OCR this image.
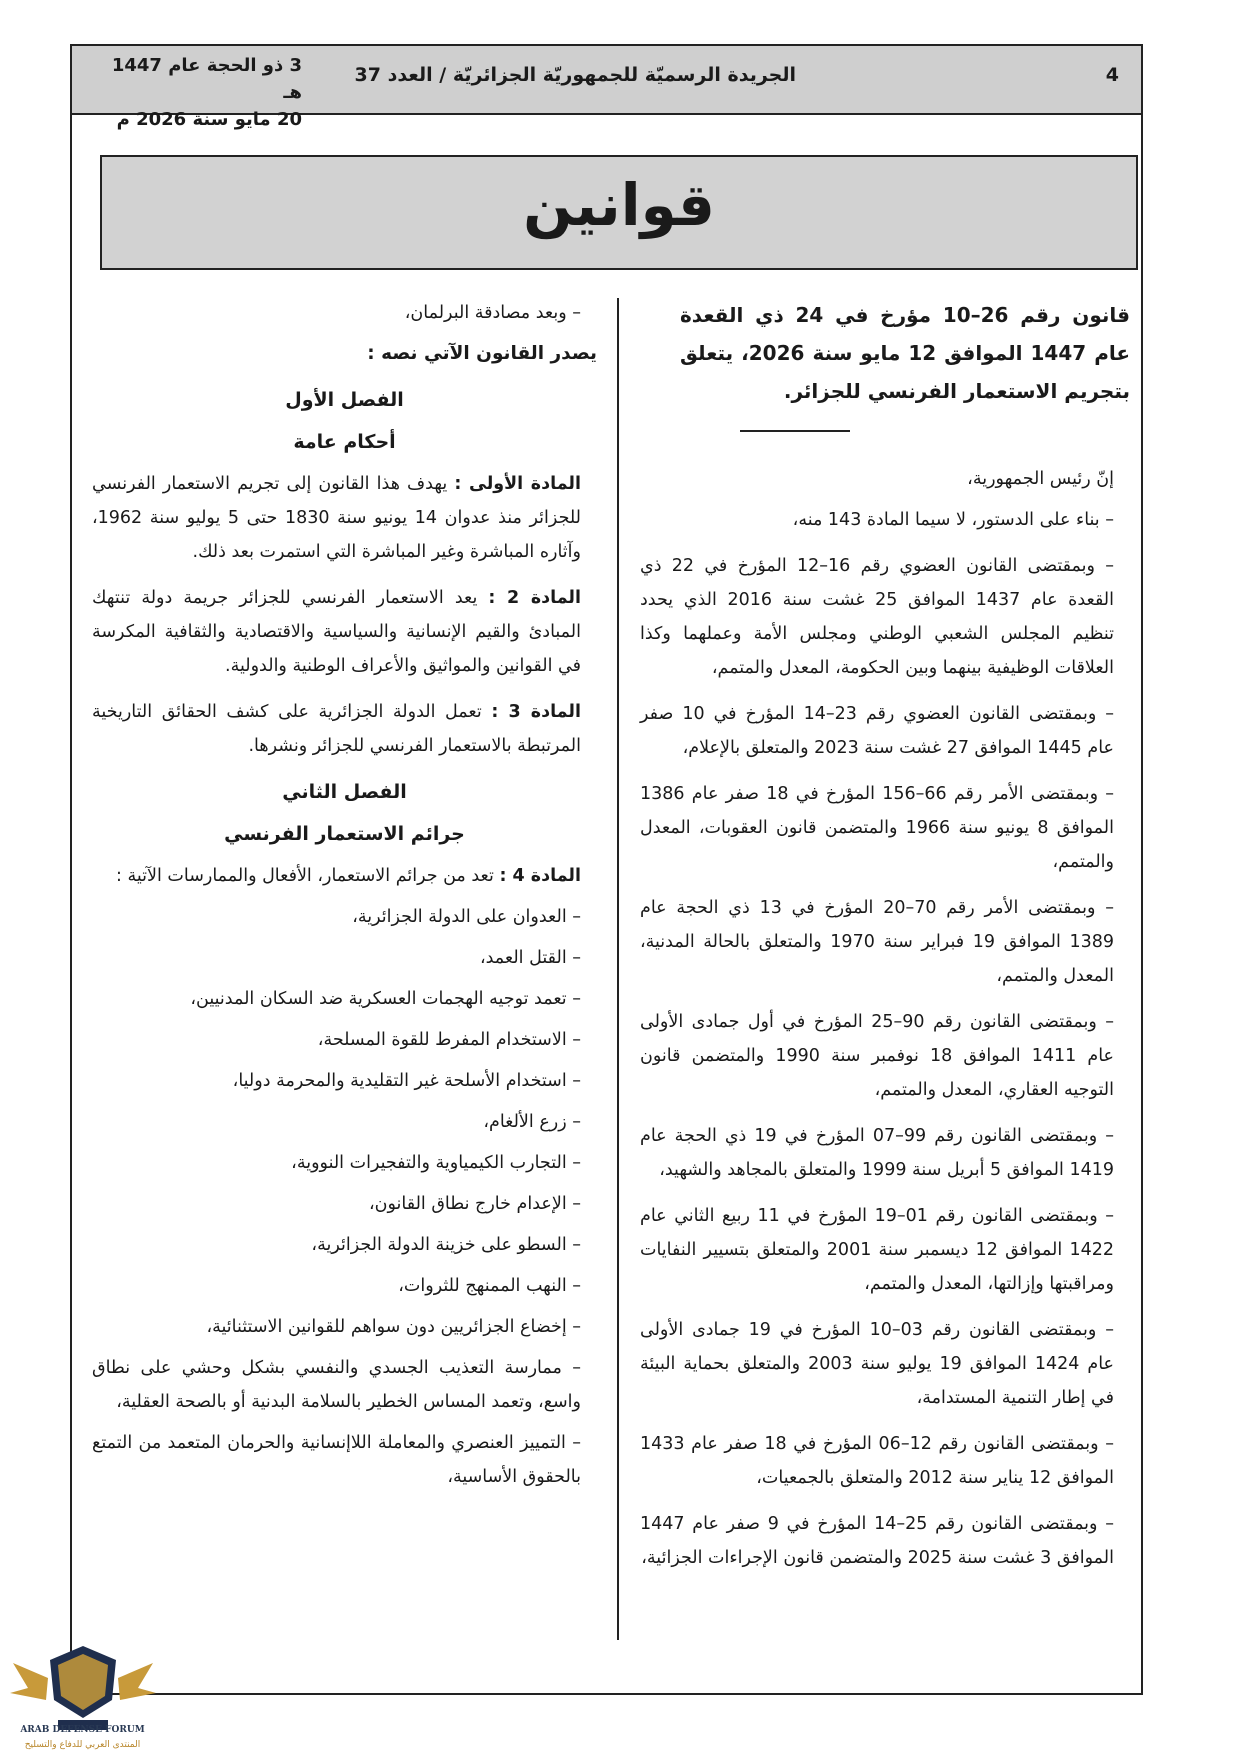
4
الجريدة الرسميّة للجمهوريّة الجزائريّة / العدد 37
3 ذو الحجة عام 1447 هـ
20 مايو سنة 2026 م
قوانين
قانون رقم 26–10 مؤرخ في 24 ذي القعدة عام 1447 الموافق 12 مايو سنة 2026، يتعلق بتجريم الاستعمار الفرنسي للجزائر.

إنّ رئيس الجمهورية،

– بناء على الدستور، لا سيما المادة 143 منه،

– وبمقتضى القانون العضوي رقم 16–12 المؤرخ في 22 ذي القعدة عام 1437 الموافق 25 غشت سنة 2016 الذي يحدد تنظيم المجلس الشعبي الوطني ومجلس الأمة وعملهما وكذا العلاقات الوظيفية بينهما وبين الحكومة، المعدل والمتمم،

– وبمقتضى القانون العضوي رقم 23–14 المؤرخ في 10 صفر عام 1445 الموافق 27 غشت سنة 2023 والمتعلق بالإعلام،

– وبمقتضى الأمر رقم 66–156 المؤرخ في 18 صفر عام 1386 الموافق 8 يونيو سنة 1966 والمتضمن قانون العقوبات، المعدل والمتمم،

– وبمقتضى الأمر رقم 70–20 المؤرخ في 13 ذي الحجة عام 1389 الموافق 19 فبراير سنة 1970 والمتعلق بالحالة المدنية، المعدل والمتمم،

– وبمقتضى القانون رقم 90–25 المؤرخ في أول جمادى الأولى عام 1411 الموافق 18 نوفمبر سنة 1990 والمتضمن قانون التوجيه العقاري، المعدل والمتمم،

– وبمقتضى القانون رقم 99–07 المؤرخ في 19 ذي الحجة عام 1419 الموافق 5 أبريل سنة 1999 والمتعلق بالمجاهد والشهيد،

– وبمقتضى القانون رقم 01–19 المؤرخ في 11 ربيع الثاني عام 1422 الموافق 12 ديسمبر سنة 2001 والمتعلق بتسيير النفايات ومراقبتها وإزالتها، المعدل والمتمم،

– وبمقتضى القانون رقم 03–10 المؤرخ في 19 جمادى الأولى عام 1424 الموافق 19 يوليو سنة 2003 والمتعلق بحماية البيئة في إطار التنمية المستدامة،

– وبمقتضى القانون رقم 12–06 المؤرخ في 18 صفر عام 1433 الموافق 12 يناير سنة 2012 والمتعلق بالجمعيات،

– وبمقتضى القانون رقم 25–14 المؤرخ في 9 صفر عام 1447 الموافق 3 غشت سنة 2025 والمتضمن قانون الإجراءات الجزائية،

– وبعد مصادقة البرلمان،

يصدر القانون الآتي نصه :

الفصل الأول
أحكام عامة

المادة الأولى : يهدف هذا القانون إلى تجريم الاستعمار الفرنسي للجزائر منذ عدوان 14 يونيو سنة 1830 حتى 5 يوليو سنة 1962، وآثاره المباشرة وغير المباشرة التي استمرت بعد ذلك.

المادة 2 : يعد الاستعمار الفرنسي للجزائر جريمة دولة تنتهك المبادئ والقيم الإنسانية والسياسية والاقتصادية والثقافية المكرسة في القوانين والمواثيق والأعراف الوطنية والدولية.

المادة 3 : تعمل الدولة الجزائرية على كشف الحقائق التاريخية المرتبطة بالاستعمار الفرنسي للجزائر ونشرها.

الفصل الثاني
جرائم الاستعمار الفرنسي

المادة 4 : تعد من جرائم الاستعمار، الأفعال والممارسات الآتية :

– العدوان على الدولة الجزائرية،

– القتل العمد،

– تعمد توجيه الهجمات العسكرية ضد السكان المدنيين،

– الاستخدام المفرط للقوة المسلحة،

– استخدام الأسلحة غير التقليدية والمحرمة دوليا،

– زرع الألغام،

– التجارب الكيمياوية والتفجيرات النووية،

– الإعدام خارج نطاق القانون،

– السطو على خزينة الدولة الجزائرية،

– النهب الممنهج للثروات،

– إخضاع الجزائريين دون سواهم للقوانين الاستثنائية،

– ممارسة التعذيب الجسدي والنفسي بشكل وحشي على نطاق واسع، وتعمد المساس الخطير بالسلامة البدنية أو بالصحة العقلية،

– التمييز العنصري والمعاملة اللاإنسانية والحرمان المتعمد من التمتع بالحقوق الأساسية،

ARAB DEFENSE FORUM
المنتدى العربي للدفاع والتسليح
